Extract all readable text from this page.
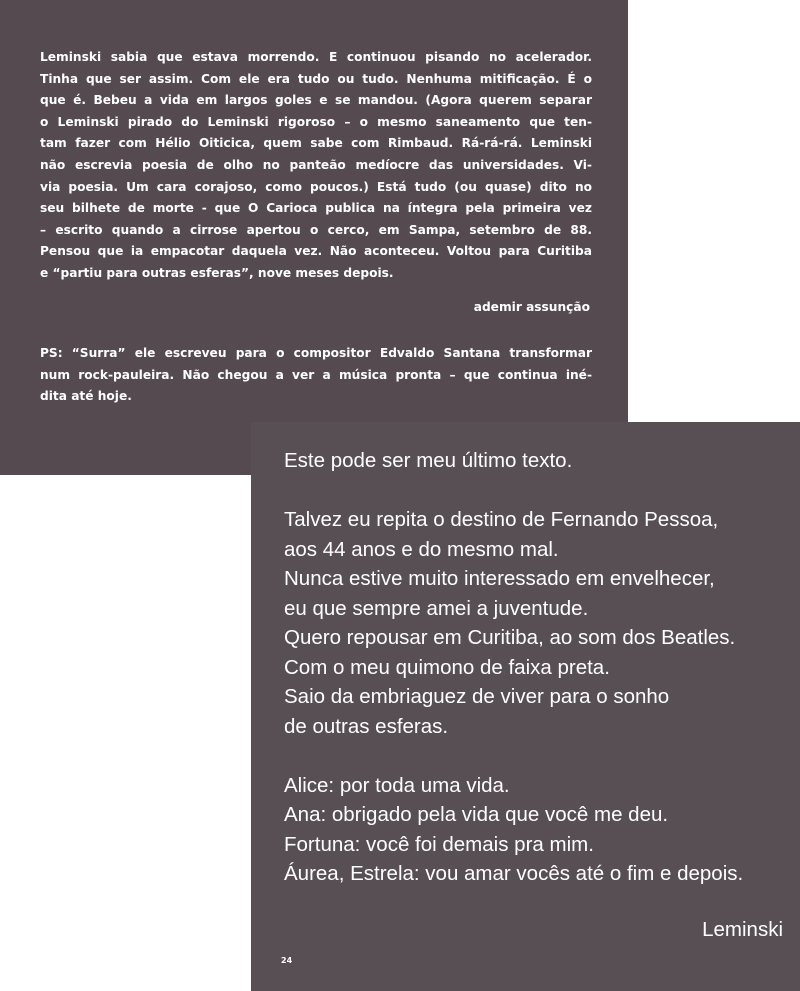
Leminski sabia que estava morrendo. E continuou pisando no acelerador.
Tinha que ser assim. Com ele era tudo ou tudo. Nenhuma mitificação. É o
que é. Bebeu a vida em largos goles e se mandou. (Agora querem separar
o Leminski pirado do Leminski rigoroso – o mesmo saneamento que ten-
tam fazer com Hélio Oiticica, quem sabe com Rimbaud. Rá-rá-rá. Leminski
não escrevia poesia de olho no panteão medíocre das universidades. Vi-
via poesia. Um cara corajoso, como poucos.) Está tudo (ou quase) dito no
seu bilhete de morte - que O Carioca publica na íntegra pela primeira vez
– escrito quando a cirrose apertou o cerco, em Sampa, setembro de 88.
Pensou que ia empacotar daquela vez. Não aconteceu. Voltou para Curitiba
e “partiu para outras esferas”, nove meses depois.

ademir assunção

PS: “Surra” ele escreveu para o compositor Edvaldo Santana transformar
num rock-pauleira. Não chegou a ver a música pronta – que continua iné-
dita até hoje.
Este pode ser meu último texto.
Talvez eu repita o destino de Fernando Pessoa,
aos 44 anos e do mesmo mal.
Nunca estive muito interessado em envelhecer,
eu que sempre amei a juventude.
Quero repousar em Curitiba, ao som dos Beatles.
Com o meu quimono de faixa preta.
Saio da embriaguez de viver para o sonho
de outras esferas.
Alice: por toda uma vida.
Ana: obrigado pela vida que você me deu.
Fortuna: você foi demais pra mim.
Áurea, Estrela: vou amar vocês até o fim e depois.

Leminski

24
